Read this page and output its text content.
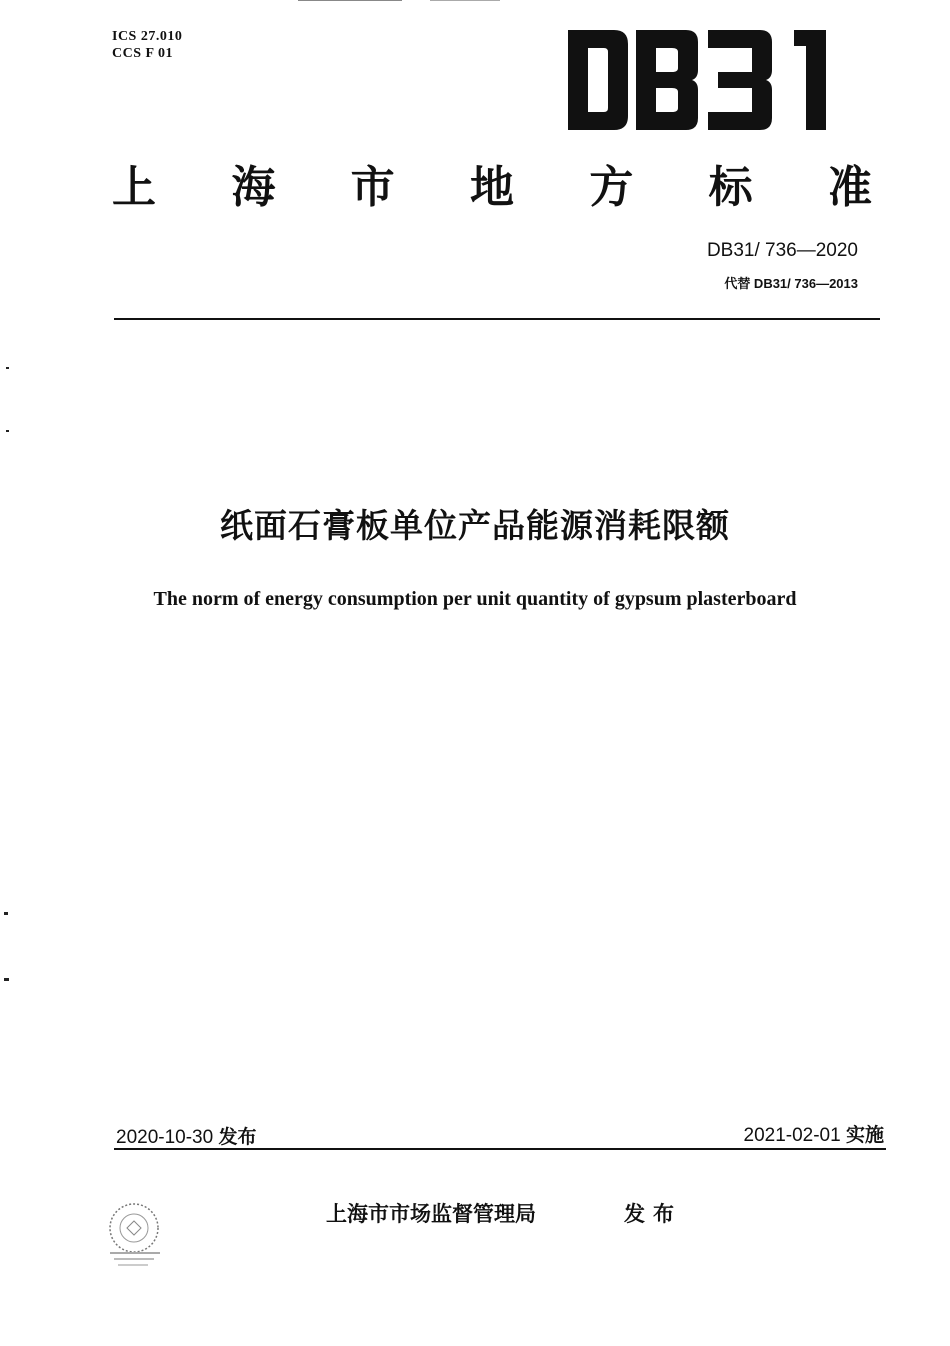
ICS 27.010
CCS F 01
上 海 市 地 方 标 准
DB31/ 736—2020
代替 DB31/ 736—2013
纸面石膏板单位产品能源消耗限额
The norm of energy consumption per unit quantity of gypsum plasterboard
2020-10-30 发布	2021-02-01 实施
上海市市场监督管理局	发布
